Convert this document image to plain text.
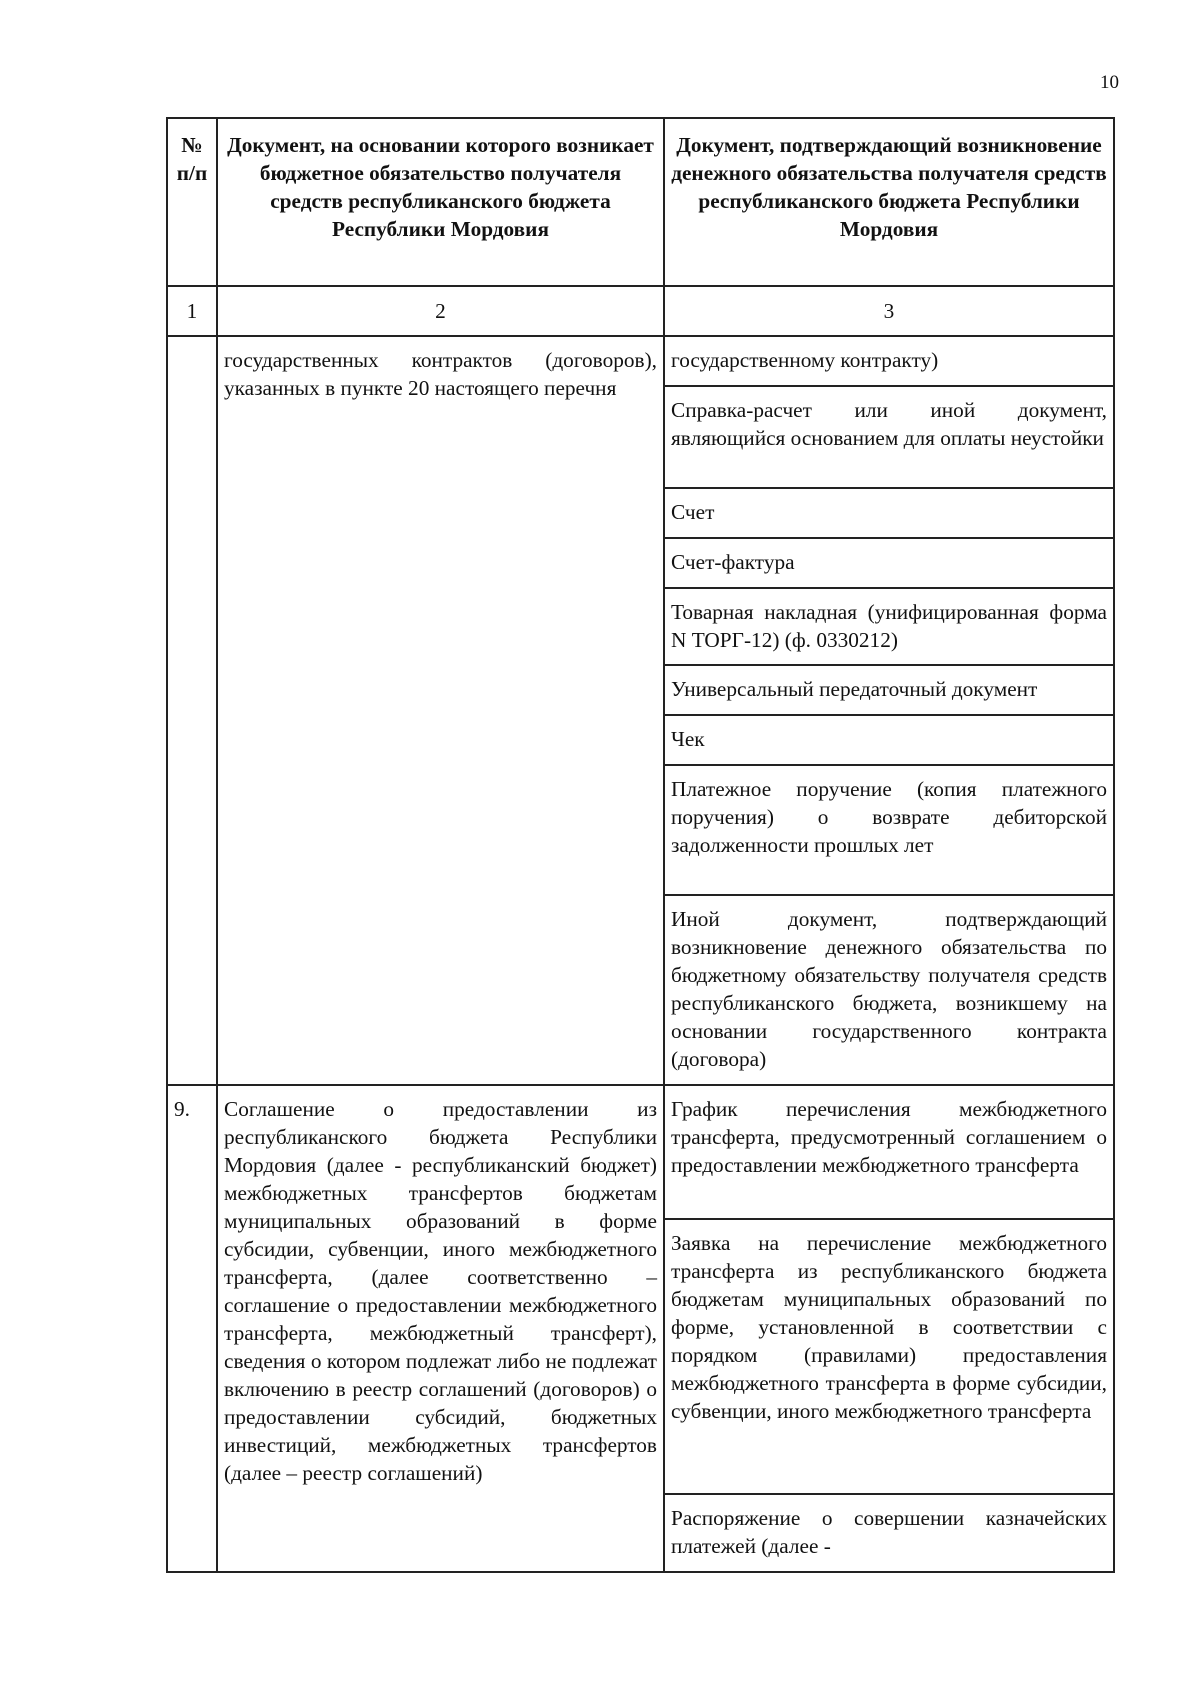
10
№ п/п	Документ, на основании которого возникает бюджетное обязательство получателя средств республиканского бюджета Республики Мордовия	Документ, подтверждающий возникновение денежного обязательства получателя средств республиканского бюджета Республики Мордовия
1	2	3
	государственных контрактов (договоров), указанных в пункте 20 настоящего перечня	государственному контракту)
		Справка-расчет или иной документ, являющийся основанием для оплаты неустойки
		Счет
		Счет-фактура
		Товарная накладная (унифицированная форма N ТОРГ-12) (ф. 0330212)
		Универсальный передаточный документ
		Чек
		Платежное поручение (копия платежного поручения) о возврате дебиторской задолженности прошлых лет
		Иной документ, подтверждающий возникновение денежного обязательства по бюджетному обязательству получателя средств республиканского бюджета, возникшему на основании государственного контракта (договора)
9.	Соглашение о предоставлении из республиканского бюджета Республики Мордовия (далее - республиканский бюджет) межбюджетных трансфертов бюджетам муниципальных образований в форме субсидии, субвенции, иного межбюджетного трансферта, (далее соответственно – соглашение о предоставлении межбюджетного трансферта, межбюджетный трансферт), сведения о котором подлежат либо не подлежат включению в реестр соглашений (договоров) о предоставлении субсидий, бюджетных инвестиций, межбюджетных трансфертов (далее – реестр соглашений)	График перечисления межбюджетного трансферта, предусмотренный соглашением о предоставлении межбюджетного трансферта
		Заявка на перечисление межбюджетного трансферта из республиканского бюджета бюджетам муниципальных образований по форме, установленной в соответствии с порядком (правилами) предоставления межбюджетного трансферта в форме субсидии, субвенции, иного межбюджетного трансферта
		Распоряжение о совершении казначейских платежей (далее -
